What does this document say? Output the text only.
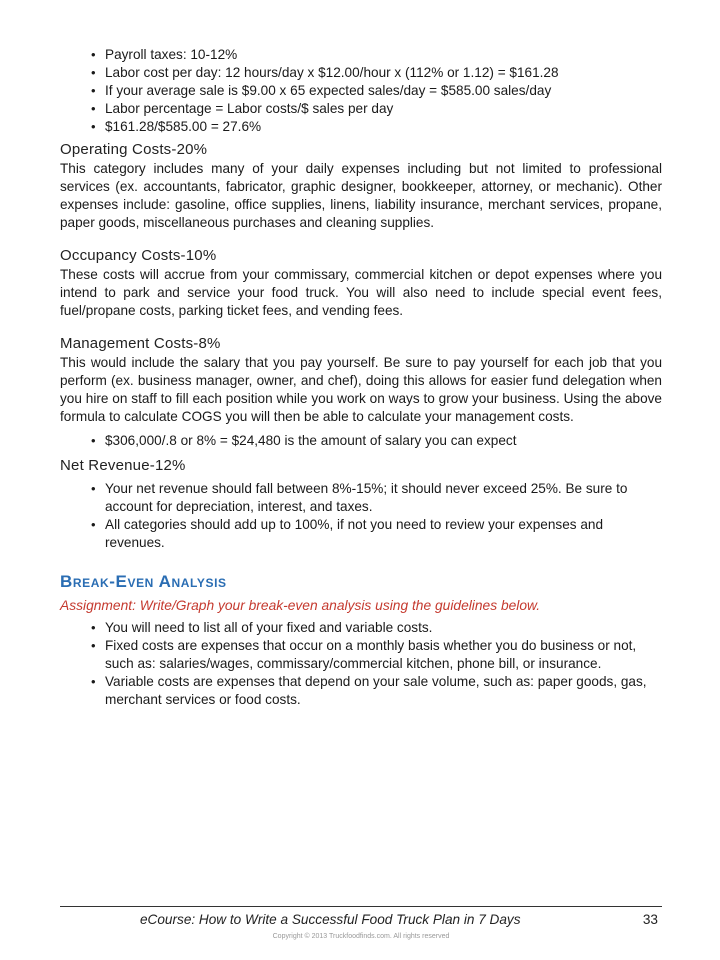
• Payroll taxes: 10-12%
• Labor cost per day: 12 hours/day x $12.00/hour x (112% or 1.12) = $161.28
• If your average sale is $9.00 x 65 expected sales/day = $585.00 sales/day
• Labor percentage = Labor costs/$ sales per day
• $161.28/$585.00 = 27.6%
Operating Costs-20%

This category includes many of your daily expenses including but not limited to professional services (ex. accountants, fabricator, graphic designer, bookkeeper, attorney, or mechanic). Other expenses include: gasoline, office supplies, linens, liability insurance, merchant services, propane, paper goods, miscellaneous purchases and cleaning supplies.

Occupancy Costs-10%

These costs will accrue from your commissary, commercial kitchen or depot expenses where you intend to park and service your food truck. You will also need to include special event fees, fuel/propane costs, parking ticket fees, and vending fees.

Management Costs-8%

This would include the salary that you pay yourself. Be sure to pay yourself for each job that you perform (ex. business manager, owner, and chef), doing this allows for easier fund delegation when you hire on staff to fill each position while you work on ways to grow your business. Using the above formula to calculate COGS you will then be able to calculate your management costs.

• $306,000/.8 or 8% = $24,480 is the amount of salary you can expect
Net Revenue-12%
• Your net revenue should fall between 8%-15%; it should never exceed 25%. Be sure to account for depreciation, interest, and taxes.
• All categories should add up to 100%, if not you need to review your expenses and revenues.
Break-Even Analysis
Assignment: Write/Graph your break-even analysis using the guidelines below.
• You will need to list all of your fixed and variable costs.
• Fixed costs are expenses that occur on a monthly basis whether you do business or not, such as: salaries/wages, commissary/commercial kitchen, phone bill, or insurance.
• Variable costs are expenses that depend on your sale volume, such as: paper goods, gas, merchant services or food costs.
eCourse: How to Write a Successful Food Truck Plan in 7 Days	33
Copyright © 2013 Truckfoodfinds.com. All rights reserved
